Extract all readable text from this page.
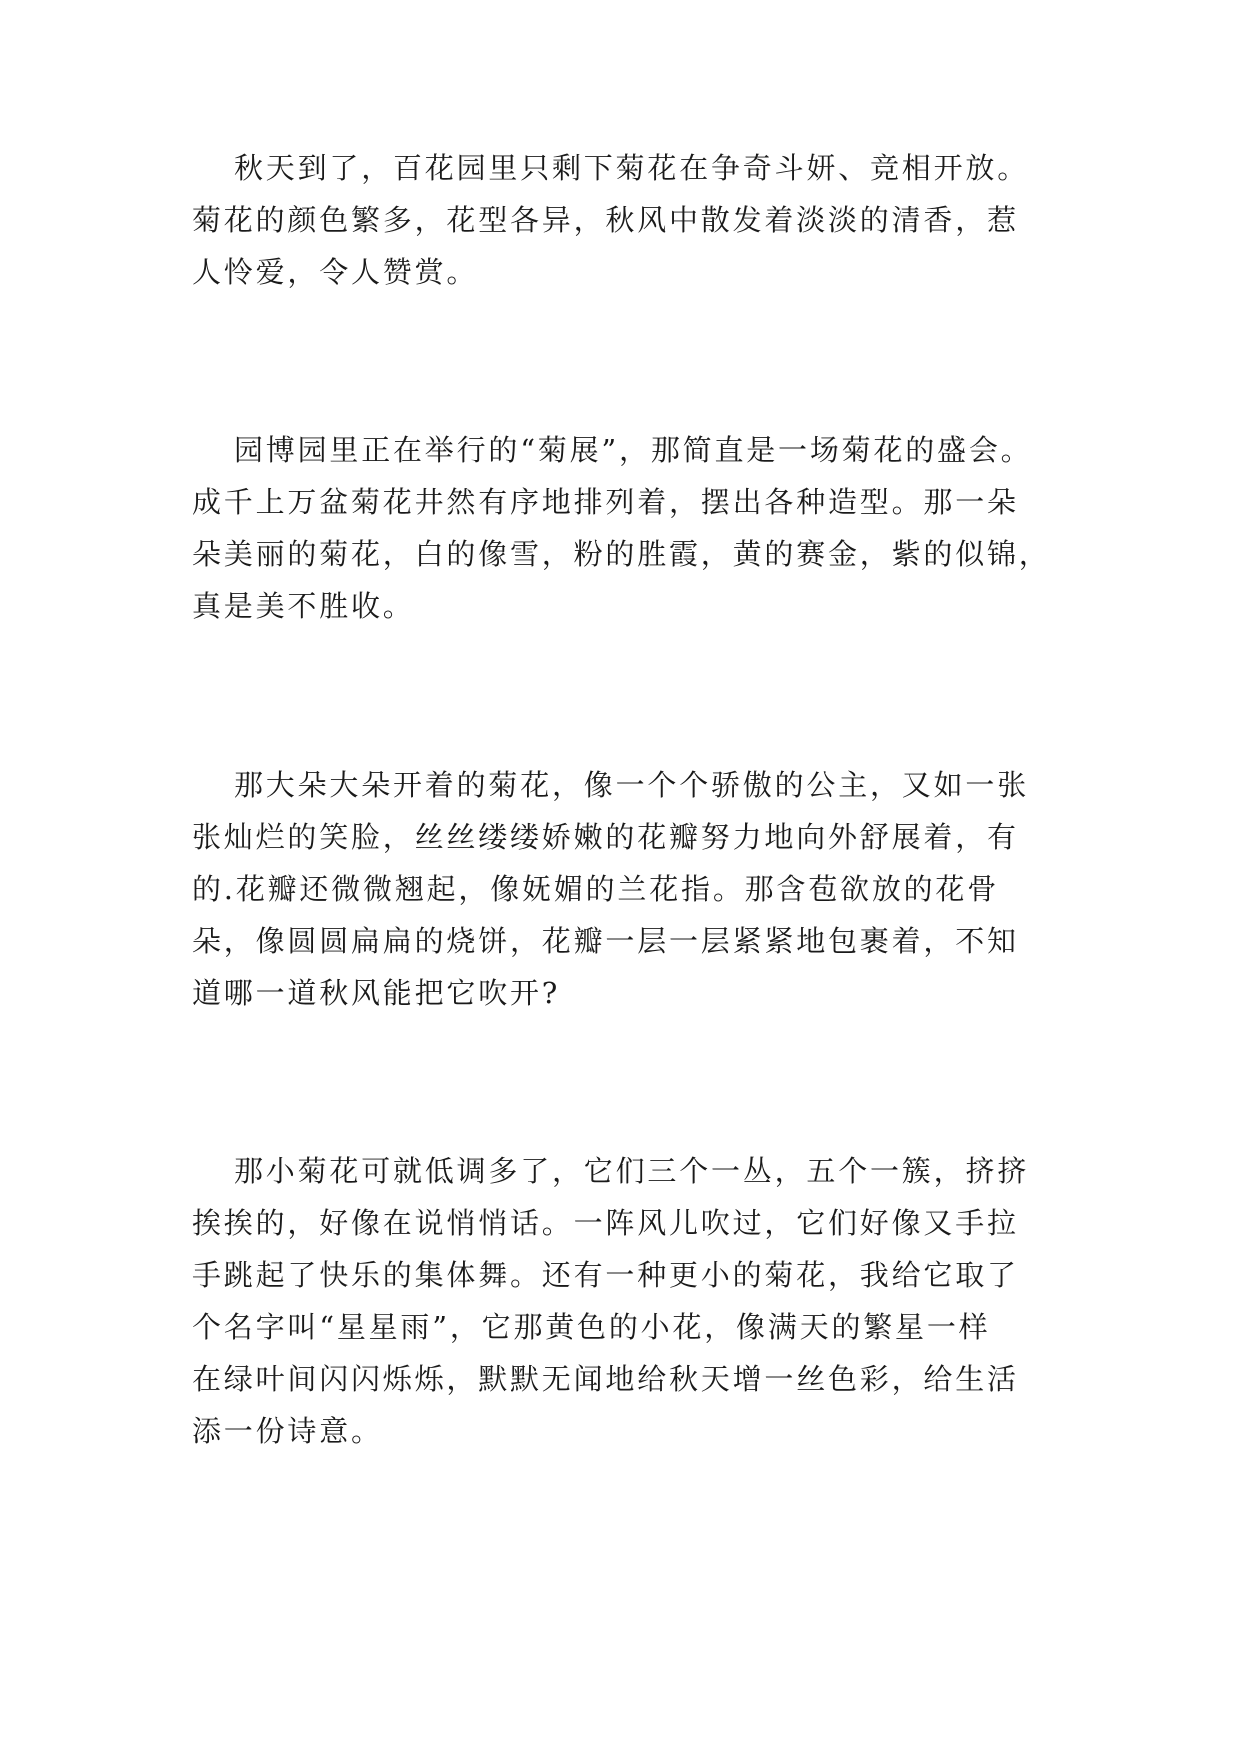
秋天到了，百花园里只剩下菊花在争奇斗妍、竞相开放。
菊花的颜色繁多，花型各异，秋风中散发着淡淡的清香，惹
人怜爱，令人赞赏。
园博园里正在举行的“菊展”，那简直是一场菊花的盛会。
成千上万盆菊花井然有序地排列着，摆出各种造型。那一朵
朵美丽的菊花，白的像雪，粉的胜霞，黄的赛金，紫的似锦，
真是美不胜收。
那大朵大朵开着的菊花，像一个个骄傲的公主，又如一张
张灿烂的笑脸，丝丝缕缕娇嫩的花瓣努力地向外舒展着，有
的.花瓣还微微翘起，像妩媚的兰花指。那含苞欲放的花骨
朵，像圆圆扁扁的烧饼，花瓣一层一层紧紧地包裹着，不知
道哪一道秋风能把它吹开?
那小菊花可就低调多了，它们三个一丛，五个一簇，挤挤
挨挨的，好像在说悄悄话。一阵风儿吹过，它们好像又手拉
手跳起了快乐的集体舞。还有一种更小的菊花，我给它取了
个名字叫“星星雨”，它那黄色的小花，像满天的繁星一样
在绿叶间闪闪烁烁，默默无闻地给秋天增一丝色彩，给生活
添一份诗意。
